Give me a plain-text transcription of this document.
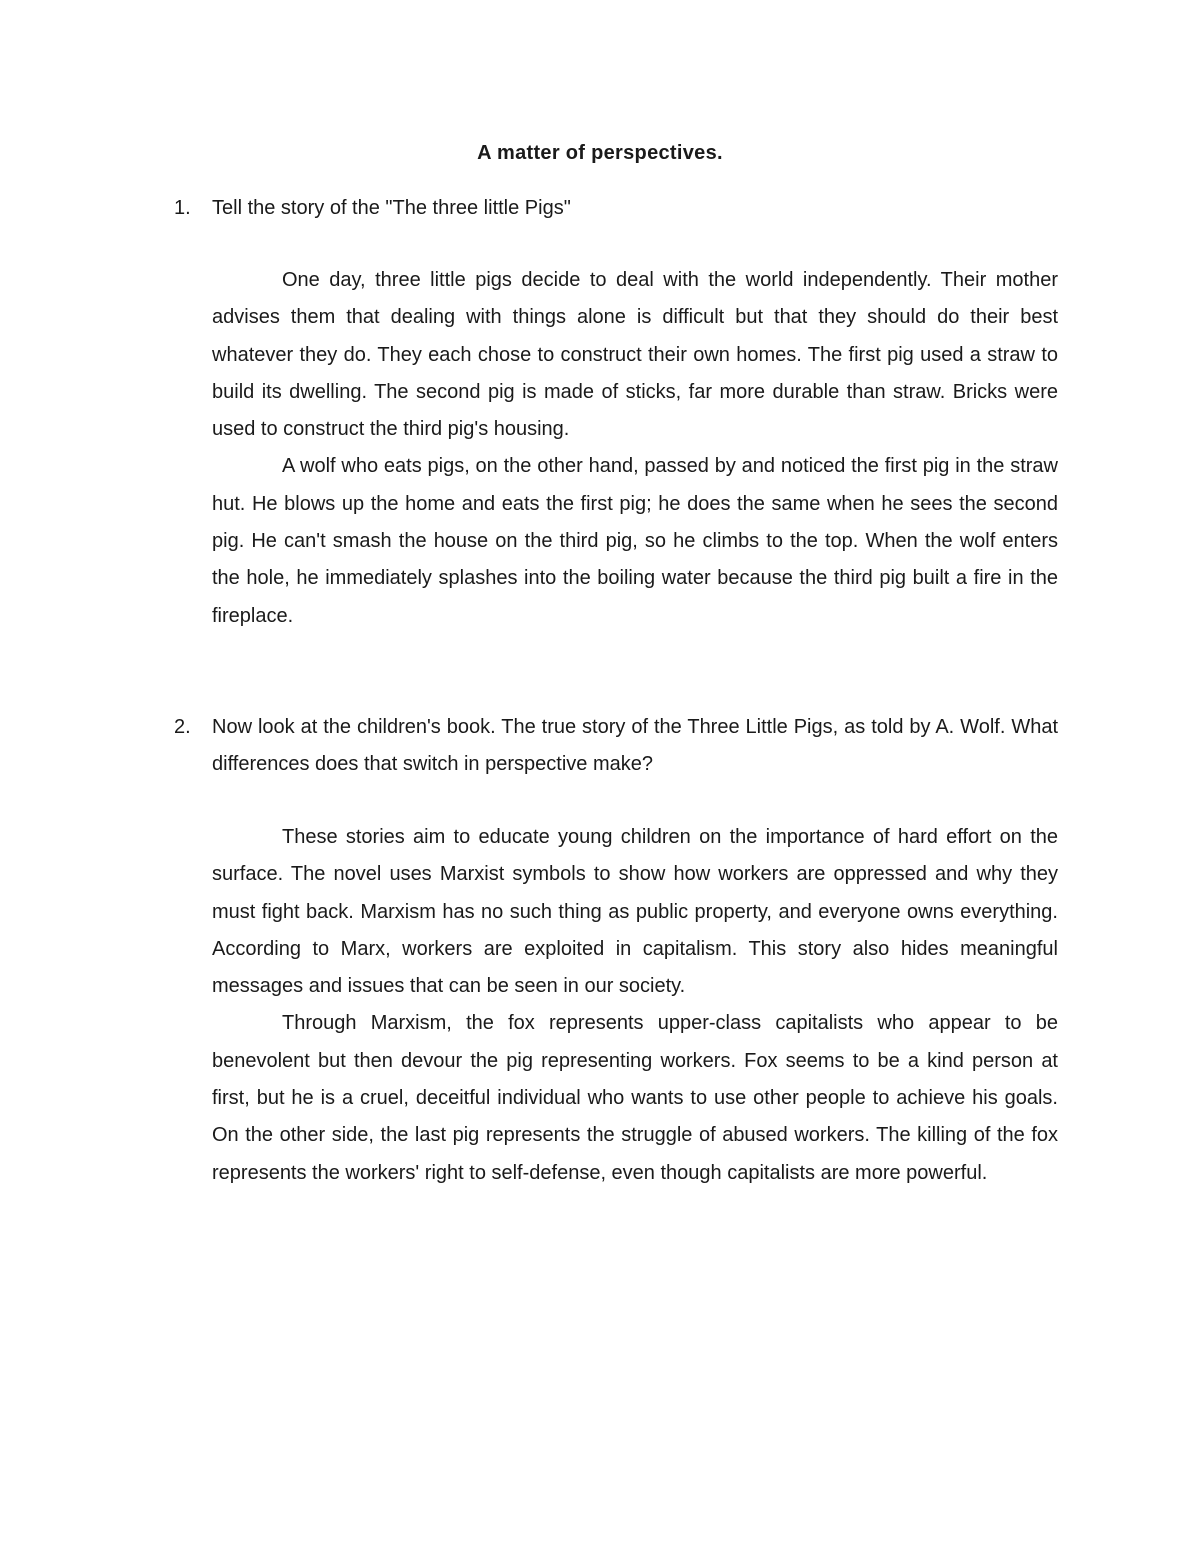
A matter of perspectives.
1. Tell the story of the "The three little Pigs"

One day, three little pigs decide to deal with the world independently. Their mother advises them that dealing with things alone is difficult but that they should do their best whatever they do. They each chose to construct their own homes. The first pig used a straw to build its dwelling. The second pig is made of sticks, far more durable than straw. Bricks were used to construct the third pig's housing.

A wolf who eats pigs, on the other hand, passed by and noticed the first pig in the straw hut. He blows up the home and eats the first pig; he does the same when he sees the second pig. He can't smash the house on the third pig, so he climbs to the top. When the wolf enters the hole, he immediately splashes into the boiling water because the third pig built a fire in the fireplace.

2. Now look at the children's book. The true story of the Three Little Pigs, as told by A. Wolf. What differences does that switch in perspective make?

These stories aim to educate young children on the importance of hard effort on the surface. The novel uses Marxist symbols to show how workers are oppressed and why they must fight back. Marxism has no such thing as public property, and everyone owns everything. According to Marx, workers are exploited in capitalism. This story also hides meaningful messages and issues that can be seen in our society.

Through Marxism, the fox represents upper-class capitalists who appear to be benevolent but then devour the pig representing workers. Fox seems to be a kind person at first, but he is a cruel, deceitful individual who wants to use other people to achieve his goals. On the other side, the last pig represents the struggle of abused workers. The killing of the fox represents the workers' right to self-defense, even though capitalists are more powerful.
